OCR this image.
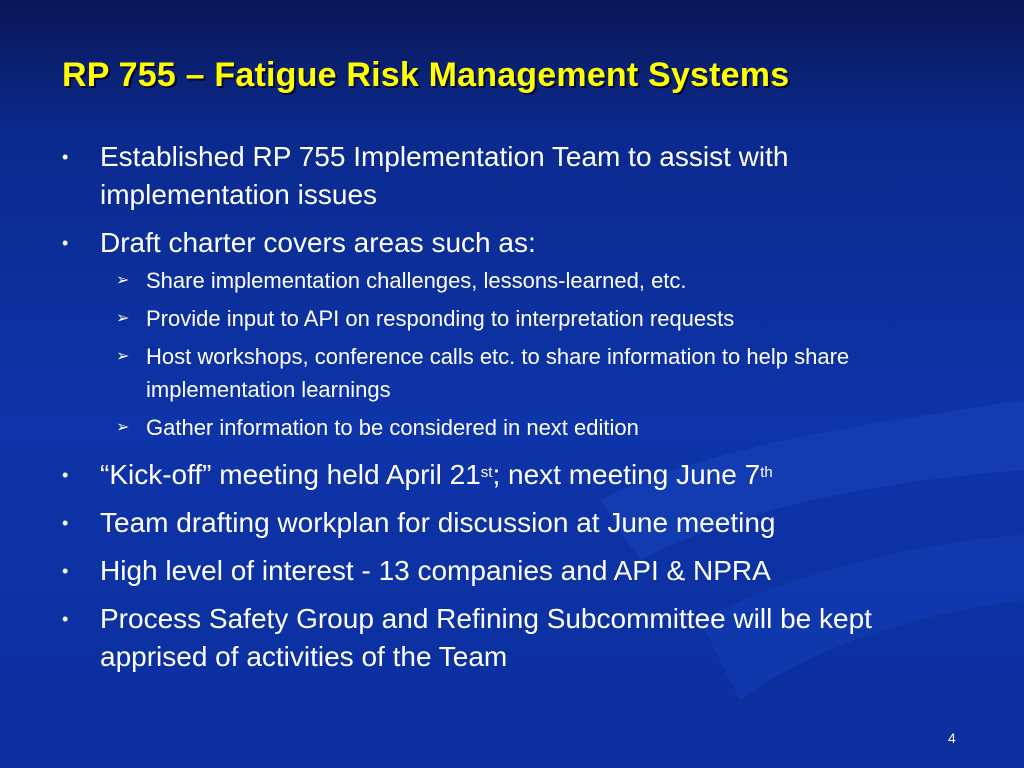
RP 755 – Fatigue Risk Management Systems
• Established RP 755 Implementation Team to assist with implementation issues
• Draft charter covers areas such as:
➢ Share implementation challenges, lessons-learned, etc.
➢ Provide input to API on responding to interpretation requests
➢ Host workshops, conference calls etc. to share information to help share implementation learnings
➢ Gather information to be considered in next edition
• “Kick-off” meeting held April 21st; next meeting June 7th
• Team drafting workplan for discussion at June meeting
• High level of interest - 13 companies and API & NPRA
• Process Safety Group and Refining Subcommittee will be kept apprised of activities of the Team
4
